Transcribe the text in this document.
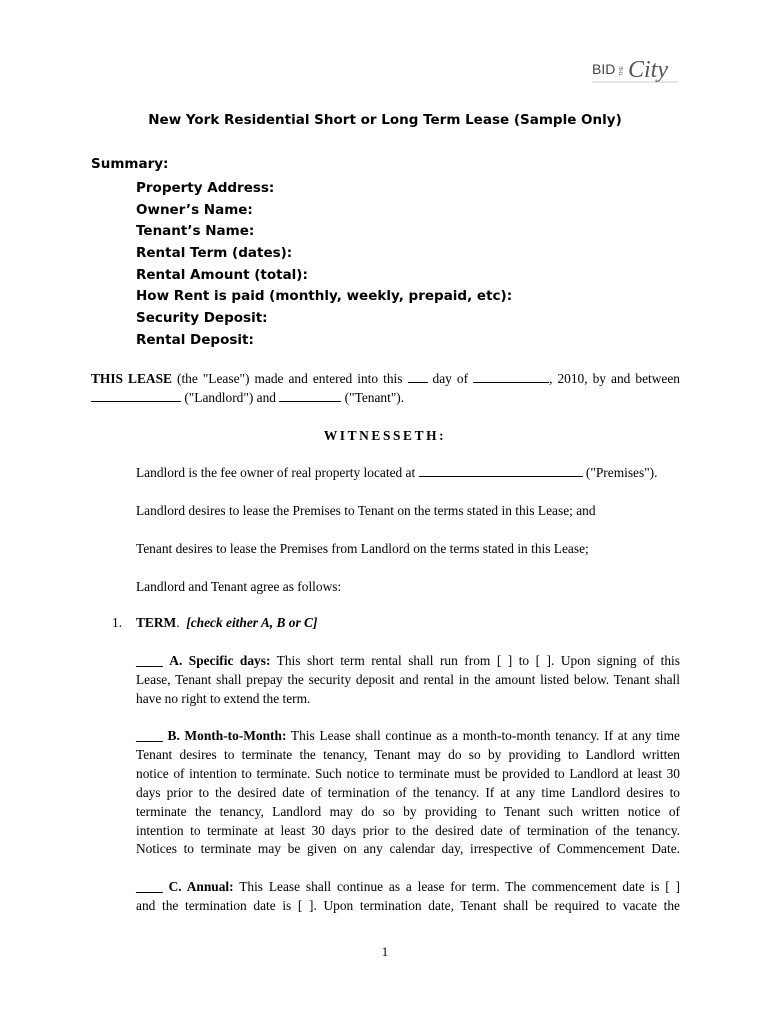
BID THE City
New York Residential Short or Long Term Lease (Sample Only)
Summary:
Property Address:
Owner’s Name:
Tenant’s Name:
Rental Term (dates):
Rental Amount (total):
How Rent is paid (monthly, weekly, prepaid, etc):
Security Deposit:
Rental Deposit:
THIS LEASE (the "Lease") made and entered into this  day of	, 2010, by and between
("Landlord") and	("Tenant").
WITNESSETH:
Landlord is the fee owner of real property located at	("Premises").
Landlord desires to lease the Premises to Tenant on the terms stated in this Lease; and
Tenant desires to lease the Premises from Landlord on the terms stated in this Lease;
Landlord and Tenant agree as follows:
1. TERM.  [check either A, B or C]
____ A. Specific days: This short term rental shall run from [ ] to [ ]. Upon signing of this
Lease, Tenant shall prepay the security deposit and rental in the amount listed below. Tenant shall
have no right to extend the term.
____ B. Month-to-Month: This Lease shall continue as a month-to-month tenancy. If at any time
Tenant desires to terminate the tenancy, Tenant may do so by providing to Landlord written
notice of intention to terminate. Such notice to terminate must be provided to Landlord at least 30
days prior to the desired date of termination of the tenancy. If at any time Landlord desires to
terminate the tenancy, Landlord may do so by providing to Tenant such written notice of
intention to terminate at least 30 days prior to the desired date of termination of the tenancy.
Notices to terminate may be given on any calendar day, irrespective of Commencement Date.
____ C. Annual: This Lease shall continue as a lease for term. The commencement date is [ ]
and the termination date is [ ]. Upon termination date, Tenant shall be required to vacate the
1
